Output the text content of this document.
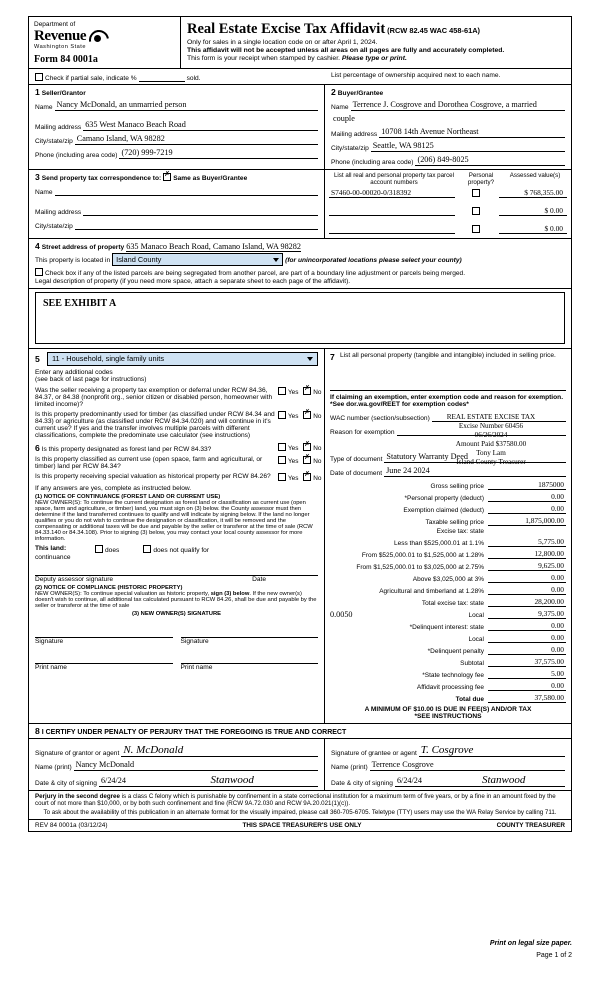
Department of
Revenue
Washington State
Form 84 0001a
Real Estate Excise Tax Affidavit (RCW 82.45 WAC 458-61A)
Only for sales in a single location code on or after April 1, 2024.
This affidavit will not be accepted unless all areas on all pages are fully and accurately completed.
This form is your receipt when stamped by cashier. Please type or print.
Check if partial sale, indicate %	sold.	List percentage of ownership acquired next to each name.
1 Seller/Grantor
Name Nancy McDonald, an unmarried person
Mailing address 635 West Manaco Beach Road
City/state/zip Camano Island, WA 98282
Phone (including area code) (720) 999-7219
2 Buyer/Grantee
Name Terrence J. Cosgrove and Dorothea Cosgrove, a married
couple
Mailing address 10708 14th Avenue Northeast
City/state/zip Seattle, WA 98125
Phone (including area code) (206) 849-8025
3 Send property tax correspondence to: ✗ Same as Buyer/Grantee
Name
Mailing address
City/state/zip
List all real and personal property tax parcel account numbers
Personal property?
Assessed value(s)
S7460-00-00020-0/318392	$ 768,355.00
$ 0.00
$ 0.00
4 Street address of property 635 Manaco Beach Road, Camano Island, WA 98282
This property is located in Island County	(for unincorporated locations please select your county)
Check box if any of the listed parcels are being segregated from another parcel, are part of a boundary line adjustment or parcels being merged.
Legal description of property (if you need more space, attach a separate sheet to each page of the affidavit).
SEE EXHIBIT A
5	11 - Household, single family units
Enter any additional codes
(see back of last page for instructions)
Was the seller receiving a property tax exemption or deferral under RCW 84.36, 84.37, or 84.38 (nonprofit org., senior citizen or disabled person, homeowner with limited income)?
Yes ✗ No
Is this property predominantly used for timber (as classified under RCW 84.34 and 84.33) or agriculture (as classified under RCW 84.34.020) and will continue in it's current use? If yes and the transfer involves multiple parcels with different classifications, complete the predominate use calculator (see instructions)
Yes ✗ No
6 Is this property designated as forest land per RCW 84.33?	Yes ✗ No
Is this property classified as current use (open space, farm and agricultural, or timber) land per RCW 84.34?
Yes ✗ No
Is this property receiving special valuation as historical property per RCW 84.26?	Yes ✗ No
If any answers are yes, complete as instructed below.
(1) NOTICE OF CONTINUANCE (FOREST LAND OR CURRENT USE)
NEW OWNER(S): To continue the current designation as forest land or classification as current use (open space, farm and agriculture, or timber) land, you must sign on (3) below. the County assessor must then determine if the land transferred continues to qualify and will indicate by signing below. If the land no longer qualifies or you do not wish to continue the designation or classification, it will be removed and the compensating or additional taxes will be due and payable by the seller or transferor at the time of sale (RCW 84.33.140 or 84.34.108). Prior to signing (3) below, you may contact your local county assessor for more information.
This land:	does	does not qualify for
continuance
Deputy assessor signature	Date
(2) NOTICE OF COMPLIANCE (HISTORIC PROPERTY)
NEW OWNER(S): To continue special valuation as historic property, sign (3) below. If the new owner(s) doesn't wish to continue, all additional tax calculated pursuant to RCW 84.26, shall be due and payable by the seller or transferor at the time of sale
(3) NEW OWNER(S) SIGNATURE
Signature	Signature
Print name	Print name
7 List all personal property (tangible and intangible) included in selling price.
If claiming an exemption, enter exemption code and reason for exemption. *See dor.wa.gov/REET for exemption codes*
WAC number (section/subsection)
Reason for exemption
REAL ESTATE EXCISE TAX
Excise Number 60456
06/26/2024
Amount Paid $37580.00
Tony Lam
Island County Treasurer
Type of document Statutory Warranty Deed
Date of document June 24 2024
Gross selling price	1875000
*Personal property (deduct)	0.00
Exemption claimed (deduct)	0.00
Taxable selling price	1,875,000.00
Excise tax: state
Less than $525,000.01 at 1.1%	5,775.00
From $525,000.01 to $1,525,000 at 1.28%	12,800.00
From $1,525,000.01 to $3,025,000 at 2.75%	9,625.00
Above $3,025,000 at 3%	0.00
Agricultural and timberland at 1.28%	0.00
Total excise tax: state	28,200.00
0.0050	Local	9,375.00
*Delinquent interest: state	0.00
Local	0.00
*Delinquent penalty	0.00
Subtotal	37,575.00
*State technology fee	5.00
Affidavit processing fee	0.00
Total due	37,580.00
A MINIMUM OF $10.00 IS DUE IN FEE(S) AND/OR TAX
*SEE INSTRUCTIONS
8 I CERTIFY UNDER PENALTY OF PERJURY THAT THE FOREGOING IS TRUE AND CORRECT
Signature of grantor or agent N. McDonald
Name (print) Nancy McDonald
Date & city of signing 6/24/24	Stanwood
Signature of grantee or agent T. Cosgrove
Name (print) Terrence Cosgrove
Date & city of signing 6/24/24	Stanwood
Perjury in the second degree is a class C felony which is punishable by confinement in a state correctional institution for a maximum term of five years, or by a fine in an amount fixed by the court of not more than $10,000, or by both such confinement and fine (RCW 9A.72.030 and RCW 9A.20.021(1)(c)).
To ask about the availability of this publication in an alternate format for the visually impaired, please call 360-705-6705. Teletype (TTY) users may use the WA Relay Service by calling 711.
REV 84 0001a (03/12/24)	THIS SPACE TREASURER'S USE ONLY	COUNTY TREASURER
Print on legal size paper.
Page 1 of 2
